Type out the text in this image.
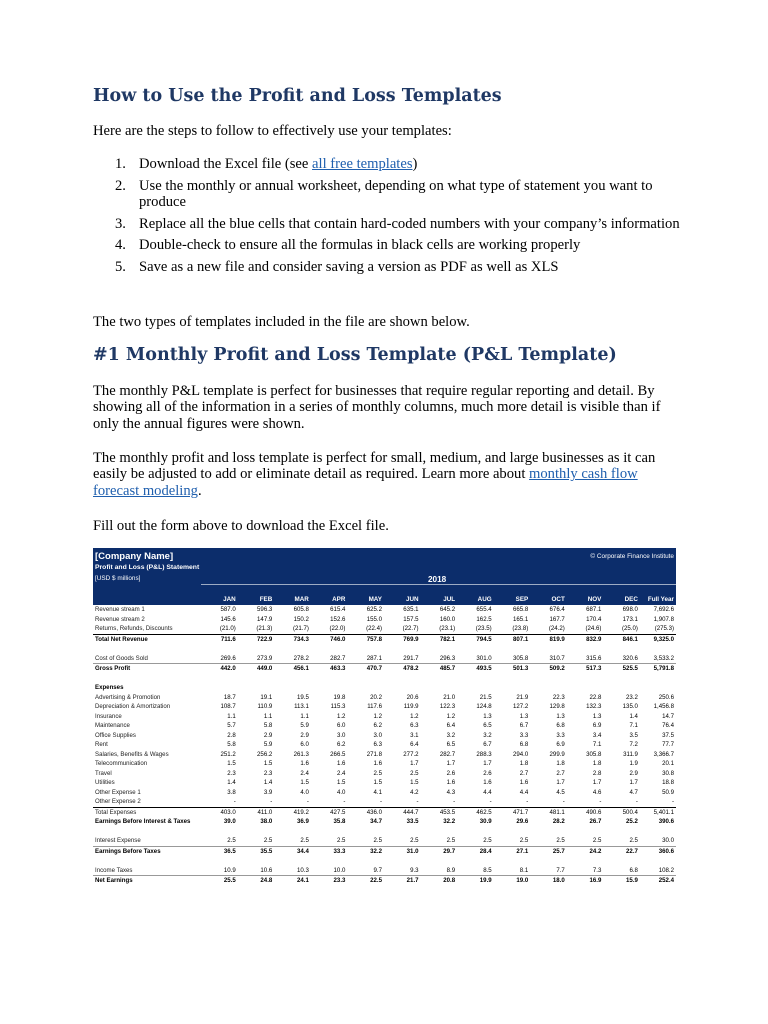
How to Use the Profit and Loss Templates

Here are the steps to follow to effectively use your templates:

1. Download the Excel file (see all free templates)
2. Use the monthly or annual worksheet, depending on what type of statement you want to produce
3. Replace all the blue cells that contain hard-coded numbers with your company’s information
4. Double-check to ensure all the formulas in black cells are working properly
5. Save as a new file and consider saving a version as PDF as well as XLS

The two types of templates included in the file are shown below.

#1 Monthly Profit and Loss Template (P&L Template)

The monthly P&L template is perfect for businesses that require regular reporting and detail. By showing all of the information in a series of monthly columns, much more detail is visible than if only the annual figures were shown.

The monthly profit and loss template is perfect for small, medium, and large businesses as it can easily be adjusted to add or eliminate detail as required. Learn more about monthly cash flow forecast modeling.

Fill out the form above to download the Excel file.

[Company Name]
Profit and Loss (P&L) Statement
[USD $ millions]
© Corporate Finance Institute
2018
	JAN	FEB	MAR	APR	MAY	JUN	JUL	AUG	SEP	OCT	NOV	DEC	Full Year
Revenue stream 1	587.0	596.3	605.8	615.4	625.2	635.1	645.2	655.4	665.8	676.4	687.1	698.0	7,692.6
Revenue stream 2	145.6	147.9	150.2	152.6	155.0	157.5	160.0	162.5	165.1	167.7	170.4	173.1	1,907.8
Returns, Refunds, Discounts	(21.0)	(21.3)	(21.7)	(22.0)	(22.4)	(22.7)	(23.1)	(23.5)	(23.8)	(24.2)	(24.6)	(25.0)	(275.3)
Total Net Revenue	711.6	722.9	734.3	746.0	757.8	769.9	782.1	794.5	807.1	819.9	832.9	846.1	9,325.0

Cost of Goods Sold	269.6	273.9	278.2	282.7	287.1	291.7	296.3	301.0	305.8	310.7	315.6	320.6	3,533.2
Gross Profit	442.0	449.0	456.1	463.3	470.7	478.2	485.7	493.5	501.3	509.2	517.3	525.5	5,791.8

Expenses													
Advertising & Promotion	18.7	19.1	19.5	19.8	20.2	20.6	21.0	21.5	21.9	22.3	22.8	23.2	250.6
Depreciation & Amortization	108.7	110.9	113.1	115.3	117.6	119.9	122.3	124.8	127.2	129.8	132.3	135.0	1,456.8
Insurance	1.1	1.1	1.1	1.2	1.2	1.2	1.2	1.3	1.3	1.3	1.3	1.4	14.7
Maintenance	5.7	5.8	5.9	6.0	6.2	6.3	6.4	6.5	6.7	6.8	6.9	7.1	76.4
Office Supplies	2.8	2.9	2.9	3.0	3.0	3.1	3.2	3.2	3.3	3.3	3.4	3.5	37.5
Rent	5.8	5.9	6.0	6.2	6.3	6.4	6.5	6.7	6.8	6.9	7.1	7.2	77.7
Salaries, Benefits & Wages	251.2	256.2	261.3	266.5	271.8	277.2	282.7	288.3	294.0	299.9	305.8	311.9	3,366.7
Telecommunication	1.5	1.5	1.6	1.6	1.6	1.7	1.7	1.7	1.8	1.8	1.8	1.9	20.1
Travel	2.3	2.3	2.4	2.4	2.5	2.5	2.6	2.6	2.7	2.7	2.8	2.9	30.8
Utilities	1.4	1.4	1.5	1.5	1.5	1.5	1.6	1.6	1.6	1.7	1.7	1.7	18.8
Other Expense 1	3.8	3.9	4.0	4.0	4.1	4.2	4.3	4.4	4.4	4.5	4.6	4.7	50.9
Other Expense 2	-	-	-	-	-	-	-	-	-	-	-	-	-
Total Expenses	403.0	411.0	419.2	427.5	436.0	444.7	453.5	462.5	471.7	481.1	490.6	500.4	5,401.1
Earnings Before Interest & Taxes	39.0	38.0	36.9	35.8	34.7	33.5	32.2	30.9	29.6	28.2	26.7	25.2	390.6

Interest Expense	2.5	2.5	2.5	2.5	2.5	2.5	2.5	2.5	2.5	2.5	2.5	2.5	30.0
Earnings Before Taxes	36.5	35.5	34.4	33.3	32.2	31.0	29.7	28.4	27.1	25.7	24.2	22.7	360.6

Income Taxes	10.9	10.6	10.3	10.0	9.7	9.3	8.9	8.5	8.1	7.7	7.3	6.8	108.2
Net Earnings	25.5	24.8	24.1	23.3	22.5	21.7	20.8	19.9	19.0	18.0	16.9	15.9	252.4
